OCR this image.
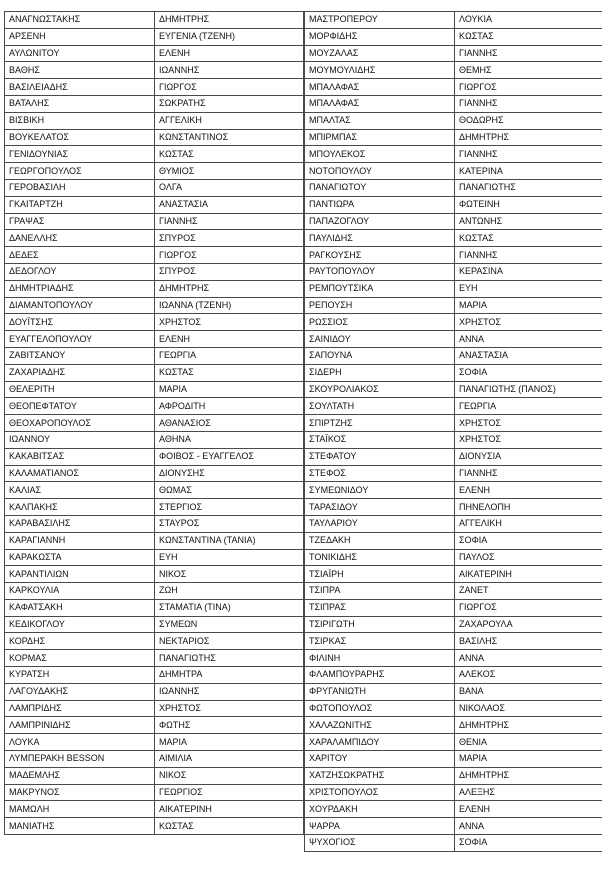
ΑΝΑΓΝΩΣΤΑΚΗΣ	ΔΗΜΗΤΡΗΣ
ΑΡΣΕΝΗ	ΕΥΓΕΝΙΑ (ΤΖΕΝΗ)
ΑΥΛΩΝΙΤΟΥ	ΕΛΕΝΗ
ΒΑΘΗΣ	ΙΩΑΝΝΗΣ
ΒΑΣΙΛΕΙΑΔΗΣ	ΓΙΩΡΓΟΣ
ΒΑΤΑΛΗΣ	ΣΩΚΡΑΤΗΣ
ΒΙΣΒΙΚΗ	ΑΓΓΕΛΙΚΗ
ΒΟΥΚΕΛΑΤΟΣ	ΚΩΝΣΤΑΝΤΙΝΟΣ
ΓΕΝΙΔΟΥΝΙΑΣ	ΚΩΣΤΑΣ
ΓΕΩΡΓΟΠΟΥΛΟΣ	ΘΥΜΙΟΣ
ΓΕΡΟΒΑΣΙΛΗ	ΟΛΓΑ
ΓΚΑΙΤΑΡΤΖΗ	ΑΝΑΣΤΑΣΙΑ
ΓΡΑΨΑΣ	ΓΙΑΝΝΗΣ
ΔΑΝΕΛΛΗΣ	ΣΠΥΡΟΣ
ΔΕΔΕΣ	ΓΙΩΡΓΟΣ
ΔΕΔΟΓΛΟΥ	ΣΠΥΡΟΣ
ΔΗΜΗΤΡΙΑΔΗΣ	ΔΗΜΗΤΡΗΣ
ΔΙΑΜΑΝΤΟΠΟΥΛΟΥ	ΙΩΑΝΝΑ (ΤΖΕΝΗ)
ΔΟΥΪΤΣΗΣ	ΧΡΗΣΤΟΣ
ΕΥΑΓΓΕΛΟΠΟΥΛΟΥ	ΕΛΕΝΗ
ΖΑΒΙΤΣΑΝΟΥ	ΓΕΩΡΓΙΑ
ΖΑΧΑΡΙΑΔΗΣ	ΚΩΣΤΑΣ
ΘΕΛΕΡΙΤΗ	ΜΑΡΙΑ
ΘΕΟΠΕΦΤΑΤΟΥ	ΑΦΡΟΔΙΤΗ
ΘΕΟΧΑΡΟΠΟΥΛΟΣ	ΑΘΑΝΑΣΙΟΣ
ΙΩΑΝΝΟΥ	ΑΘΗΝΑ
ΚΑΚΑΒΙΤΣΑΣ	ΦΟΙΒΟΣ - ΕΥΑΓΓΕΛΟΣ
ΚΑΛΑΜΑΤΙΑΝΟΣ	ΔΙΟΝΥΣΗΣ
ΚΑΛΙΑΣ	ΘΩΜΑΣ
ΚΑΛΠΑΚΗΣ	ΣΤΕΡΓΙΟΣ
ΚΑΡΑΒΑΣΙΛΗΣ	ΣΤΑΥΡΟΣ
ΚΑΡΑΓΙΑΝΝΗ	ΚΩΝΣΤΑΝΤΙΝΑ (ΤΑΝΙΑ)
ΚΑΡΑΚΩΣΤΑ	ΕΥΗ
ΚΑΡΑΝΤΙΛΙΩΝ	ΝΙΚΟΣ
ΚΑΡΚΟΥΛΙΑ	ΖΩΗ
ΚΑΦΑΤΣΑΚΗ	ΣΤΑΜΑΤΙΑ (ΤΙΝΑ)
ΚΕΔΙΚΟΓΛΟΥ	ΣΥΜΕΩΝ
ΚΟΡΔΗΣ	ΝΕΚΤΑΡΙΟΣ
ΚΟΡΜΑΣ	ΠΑΝΑΓΙΩΤΗΣ
ΚΥΡΑΤΣΗ	ΔΗΜΗΤΡΑ
ΛΑΓΟΥΔΑΚΗΣ	ΙΩΑΝΝΗΣ
ΛΑΜΠΡΙΔΗΣ	ΧΡΗΣΤΟΣ
ΛΑΜΠΡΙΝΙΔΗΣ	ΦΩΤΗΣ
ΛΟΥΚΑ	ΜΑΡΙΑ
ΛΥΜΠΕΡΑΚΗ BESSON	ΑΙΜΙΛΙΑ
ΜΑΔΕΜΛΗΣ	ΝΙΚΟΣ
ΜΑΚΡΥΝΟΣ	ΓΕΩΡΓΙΟΣ
ΜΑΜΩΛΗ	ΑΙΚΑΤΕΡΙΝΗ
ΜΑΝΙΑΤΗΣ	ΚΩΣΤΑΣ
ΜΑΣΤΡΟΠΕΡΟΥ	ΛΟΥΚΙΑ
ΜΟΡΦΙΔΗΣ	ΚΩΣΤΑΣ
ΜΟΥΖΑΛΑΣ	ΓΙΑΝΝΗΣ
ΜΟΥΜΟΥΛΙΔΗΣ	ΘΕΜΗΣ
ΜΠΑΛΑΦΑΣ	ΓΙΩΡΓΟΣ
ΜΠΑΛΑΦΑΣ	ΓΙΑΝΝΗΣ
ΜΠΑΛΤΑΣ	ΘΟΔΩΡΗΣ
ΜΠΙΡΜΠΑΣ	ΔΗΜΗΤΡΗΣ
ΜΠΟΥΛΕΚΟΣ	ΓΙΑΝΝΗΣ
ΝΟΤΟΠΟΥΛΟΥ	ΚΑΤΕΡΙΝΑ
ΠΑΝΑΓΙΩΤΟΥ	ΠΑΝΑΓΙΩΤΗΣ
ΠΑΝΤΙΩΡΑ	ΦΩΤΕΙΝΗ
ΠΑΠΑΖΟΓΛΟΥ	ΑΝΤΩΝΗΣ
ΠΑΥΛΙΔΗΣ	ΚΩΣΤΑΣ
ΡΑΓΚΟΥΣΗΣ	ΓΙΑΝΝΗΣ
ΡΑΥΤΟΠΟΥΛΟΥ	ΚΕΡΑΣΙΝΑ
ΡΕΜΠΟΥΤΣΙΚΑ	ΕΥΗ
ΡΕΠΟΥΣΗ	ΜΑΡΙΑ
ΡΩΣΣΙΟΣ	ΧΡΗΣΤΟΣ
ΣΑΙΝΙΔΟΥ	ΑΝΝΑ
ΣΑΠΟΥΝΑ	ΑΝΑΣΤΑΣΙΑ
ΣΙΔΕΡΗ	ΣΟΦΙΑ
ΣΚΟΥΡΟΛΙΑΚΟΣ	ΠΑΝΑΓΙΩΤΗΣ (ΠΑΝΟΣ)
ΣΟΥΛΤΑΤΗ	ΓΕΩΡΓΙΑ
ΣΠΙΡΤΖΗΣ	ΧΡΗΣΤΟΣ
ΣΤΑΪΚΟΣ	ΧΡΗΣΤΟΣ
ΣΤΕΦΑΤΟΥ	ΔΙΟΝΥΣΙΑ
ΣΤΕΦΟΣ	ΓΙΑΝΝΗΣ
ΣΥΜΕΩΝΙΔΟΥ	ΕΛΕΝΗ
ΤΑΡΑΣΙΔΟΥ	ΠΗΝΕΛΟΠΗ
ΤΑΥΛΑΡΙΟΥ	ΑΓΓΕΛΙΚΗ
ΤΖΕΔΑΚΗ	ΣΟΦΙΑ
ΤΟΝΙΚΙΔΗΣ	ΠΑΥΛΟΣ
ΤΣΙΑΪΡΗ	ΑΙΚΑΤΕΡΙΝΗ
ΤΣΙΠΡΑ	ΖΑΝΕΤ
ΤΣΙΠΡΑΣ	ΓΙΩΡΓΟΣ
ΤΣΙΡΙΓΩΤΗ	ΖΑΧΑΡΟΥΛΑ
ΤΣΙΡΚΑΣ	ΒΑΣΙΛΗΣ
ΦΙΛΙΝΗ	ΑΝΝΑ
ΦΛΑΜΠΟΥΡΑΡΗΣ	ΑΛΕΚΟΣ
ΦΡΥΓΑΝΙΩΤΗ	ΒΑΝΑ
ΦΩΤΟΠΟΥΛΟΣ	ΝΙΚΟΛΑΟΣ
ΧΑΛΑΖΩΝΙΤΗΣ	ΔΗΜΗΤΡΗΣ
ΧΑΡΑΛΑΜΠΙΔΟΥ	ΘΕΝΙΑ
ΧΑΡΙΤΟΥ	ΜΑΡΙΑ
ΧΑΤΖΗΣΩΚΡΑΤΗΣ	ΔΗΜΗΤΡΗΣ
ΧΡΙΣΤΟΠΟΥΛΟΣ	ΑΛΕΞΗΣ
ΧΟΥΡΔΑΚΗ	ΕΛΕΝΗ
ΨΑΡΡΑ	ΑΝΝΑ
ΨΥΧΟΓΙΟΣ	ΣΟΦΙΑ
